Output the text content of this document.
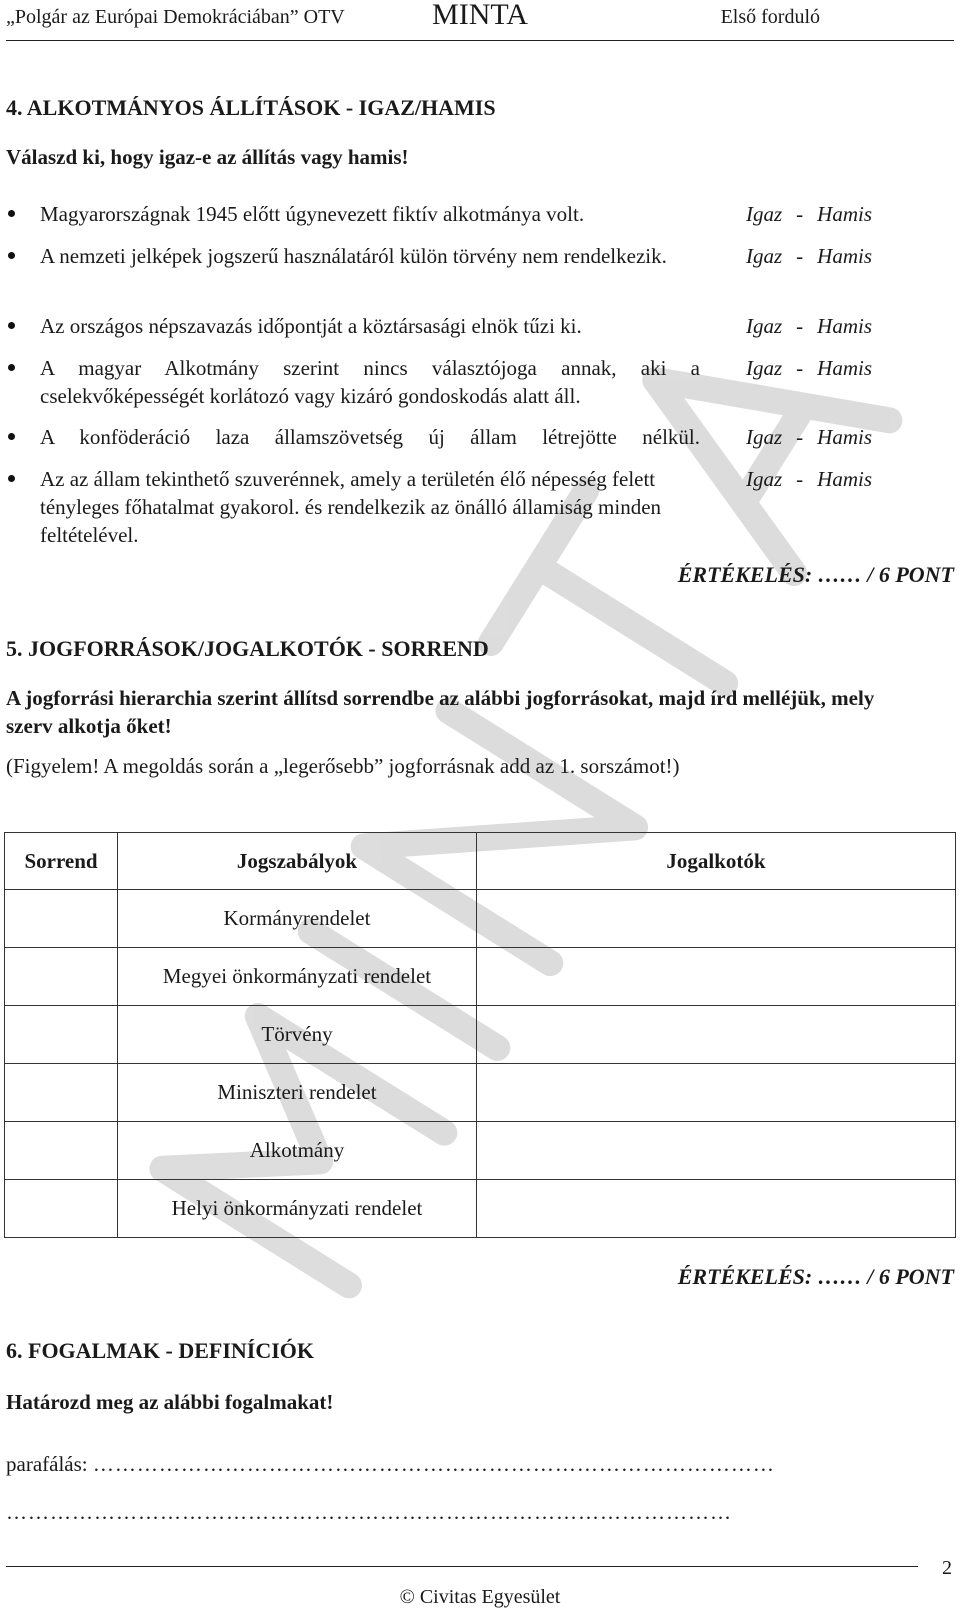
„Polgár az Európai Demokráciában” OTV	MINTA	Első forduló
4. ALKOTMÁNYOS ÁLLÍTÁSOK - IGAZ/HAMIS
Válaszd ki, hogy igaz-e az állítás vagy hamis!
Magyarországnak 1945 előtt úgynevezett fiktív alkotmánya volt.	Igaz - Hamis
A nemzeti jelképek jogszerű használatáról külön törvény nem rendelkezik.	Igaz - Hamis
Az országos népszavazás időpontját a köztársasági elnök tűzi ki.	Igaz - Hamis
A magyar Alkotmány szerint nincs választójoga annak, aki a cselekvőképességét korlátozó vagy kizáró gondoskodás alatt áll.
Igaz - Hamis
A konföderáció laza államszövetség új állam létrejötte nélkül. Igaz - Hamis
Az az állam tekinthető szuverénnek, amely a területén élő népesség felett tényleges főhatalmat gyakorol. és rendelkezik az önálló államiság minden feltételével.
Igaz - Hamis
ÉRTÉKELÉS: …… / 6 PONT
5. JOGFORRÁSOK/JOGALKOTÓK - SORREND
A jogforrási hierarchia szerint állítsd sorrendbe az alábbi jogforrásokat, majd írd melléjük, mely szerv alkotja őket!
(Figyelem! A megoldás során a „legerősebb” jogforrásnak add az 1. sorszámot!)
Sorrend	Jogszabályok	Jogalkotók
	Kormányrendelet	
	Megyei önkormányzati rendelet	
	Törvény	
	Miniszteri rendelet	
	Alkotmány	
	Helyi önkormányzati rendelet	
ÉRTÉKELÉS: …… / 6 PONT
6. FOGALMAK - DEFINÍCIÓK
Határozd meg az alábbi fogalmakat!
parafálás: …………………………………………………………………………………
………………………………………………………………………………………
2
© Civitas Egyesület
